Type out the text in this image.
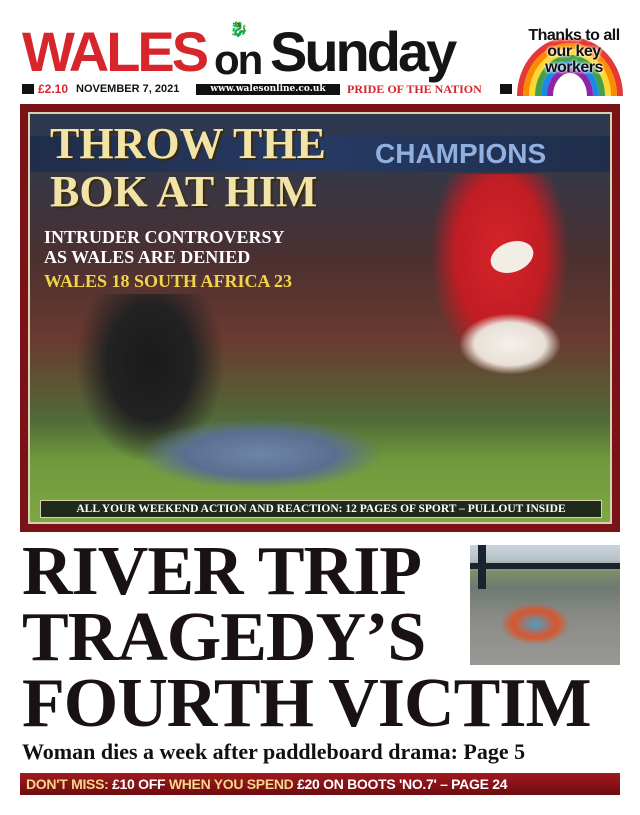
WALES 🐉
on Sunday	Thanks to all our key workers
£2.10 NOVEMBER 7, 2021	www.walesonline.co.uk	PRIDE OF THE NATION
CHAMPIONS
THROW THE
BOK AT HIM
INTRUDER CONTROVERSY
AS WALES ARE DENIED
WALES 18 SOUTH AFRICA 23
ALL YOUR WEEKEND ACTION AND REACTION: 12 PAGES OF SPORT – PULLOUT INSIDE
RIVER TRIP
TRAGEDY’S
FOURTH VICTIM
Woman dies a week after paddleboard drama: Page 5
DON'T MISS: £10 OFF WHEN YOU SPEND £20 ON BOOTS 'NO.7' – PAGE 24
